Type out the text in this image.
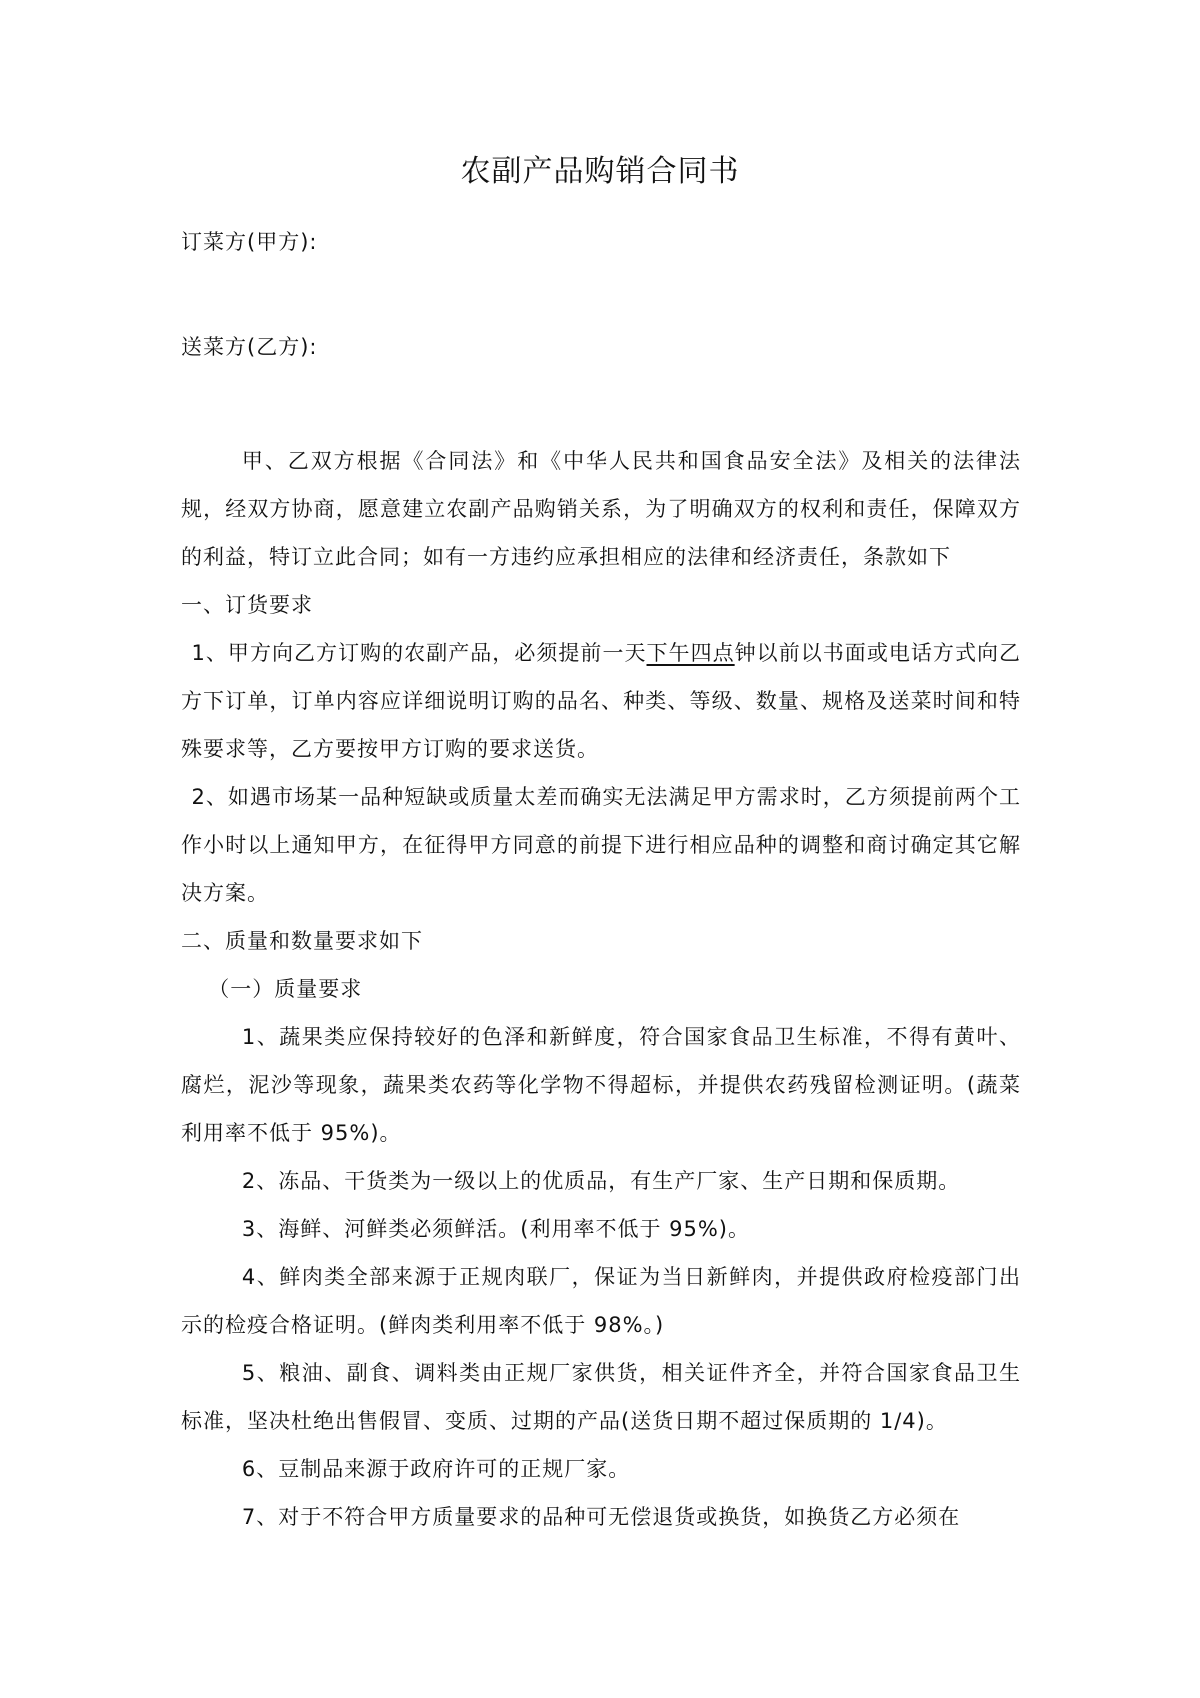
农副产品购销合同书

订菜方(甲方):

送菜方(乙方):

甲、乙双方根据《合同法》和《中华人民共和国食品安全法》及相关的法律法规，经双方协商，愿意建立农副产品购销关系，为了明确双方的权利和责任，保障双方的利益，特订立此合同；如有一方违约应承担相应的法律和经济责任，条款如下

一、订货要求

1、甲方向乙方订购的农副产品，必须提前一天下午四点钟以前以书面或电话方式向乙方下订单，订单内容应详细说明订购的品名、种类、等级、数量、规格及送菜时间和特殊要求等，乙方要按甲方订购的要求送货。

2、如遇市场某一品种短缺或质量太差而确实无法满足甲方需求时，乙方须提前两个工作小时以上通知甲方，在征得甲方同意的前提下进行相应品种的调整和商讨确定其它解决方案。

二、质量和数量要求如下

（一）质量要求

1、蔬果类应保持较好的色泽和新鲜度，符合国家食品卫生标准，不得有黄叶、腐烂，泥沙等现象，蔬果类农药等化学物不得超标，并提供农药残留检测证明。(蔬菜利用率不低于 95%)。

2、冻品、干货类为一级以上的优质品，有生产厂家、生产日期和保质期。

3、海鲜、河鲜类必须鲜活。(利用率不低于 95%)。

4、鲜肉类全部来源于正规肉联厂，保证为当日新鲜肉，并提供政府检疫部门出示的检疫合格证明。(鲜肉类利用率不低于 98%。)

5、粮油、副食、调料类由正规厂家供货，相关证件齐全，并符合国家食品卫生标准，坚决杜绝出售假冒、变质、过期的产品(送货日期不超过保质期的 1/4)。

6、豆制品来源于政府许可的正规厂家。

7、对于不符合甲方质量要求的品种可无偿退货或换货，如换货乙方必须在
